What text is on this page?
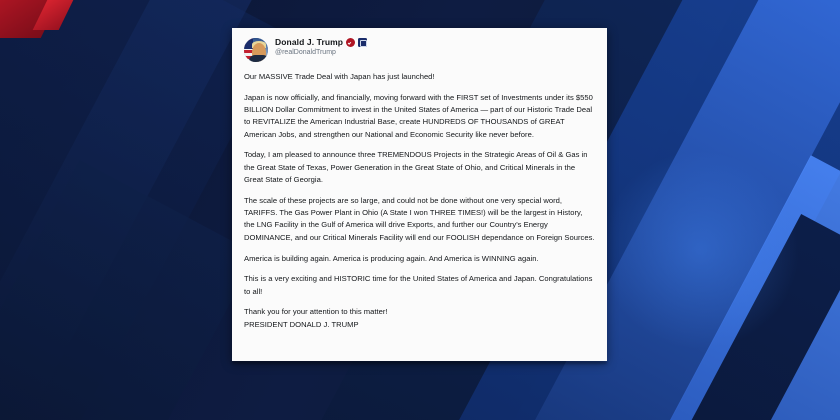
Donald J. Trump
@realDonaldTrump

Our MASSIVE Trade Deal with Japan has just launched!

Japan is now officially, and financially, moving forward with the FIRST set of Investments under its $550 BILLION Dollar Commitment to invest in the United States of America — part of our Historic Trade Deal to REVITALIZE the American Industrial Base, create HUNDREDS OF THOUSANDS of GREAT American Jobs, and strengthen our National and Economic Security like never before.

Today, I am pleased to announce three TREMENDOUS Projects in the Strategic Areas of Oil & Gas in the Great State of Texas, Power Generation in the Great State of Ohio, and Critical Minerals in the Great State of Georgia.

The scale of these projects are so large, and could not be done without one very special word, TARIFFS. The Gas Power Plant in Ohio (A State I won THREE TIMES!) will be the largest in History, the LNG Facility in the Gulf of America will drive Exports, and further our Country's Energy DOMINANCE, and our Critical Minerals Facility will end our FOOLISH dependance on Foreign Sources.

America is building again. America is producing again. And America is WINNING again.

This is a very exciting and HISTORIC time for the United States of America and Japan. Congratulations to all!

Thank you for your attention to this matter!

PRESIDENT DONALD J. TRUMP
